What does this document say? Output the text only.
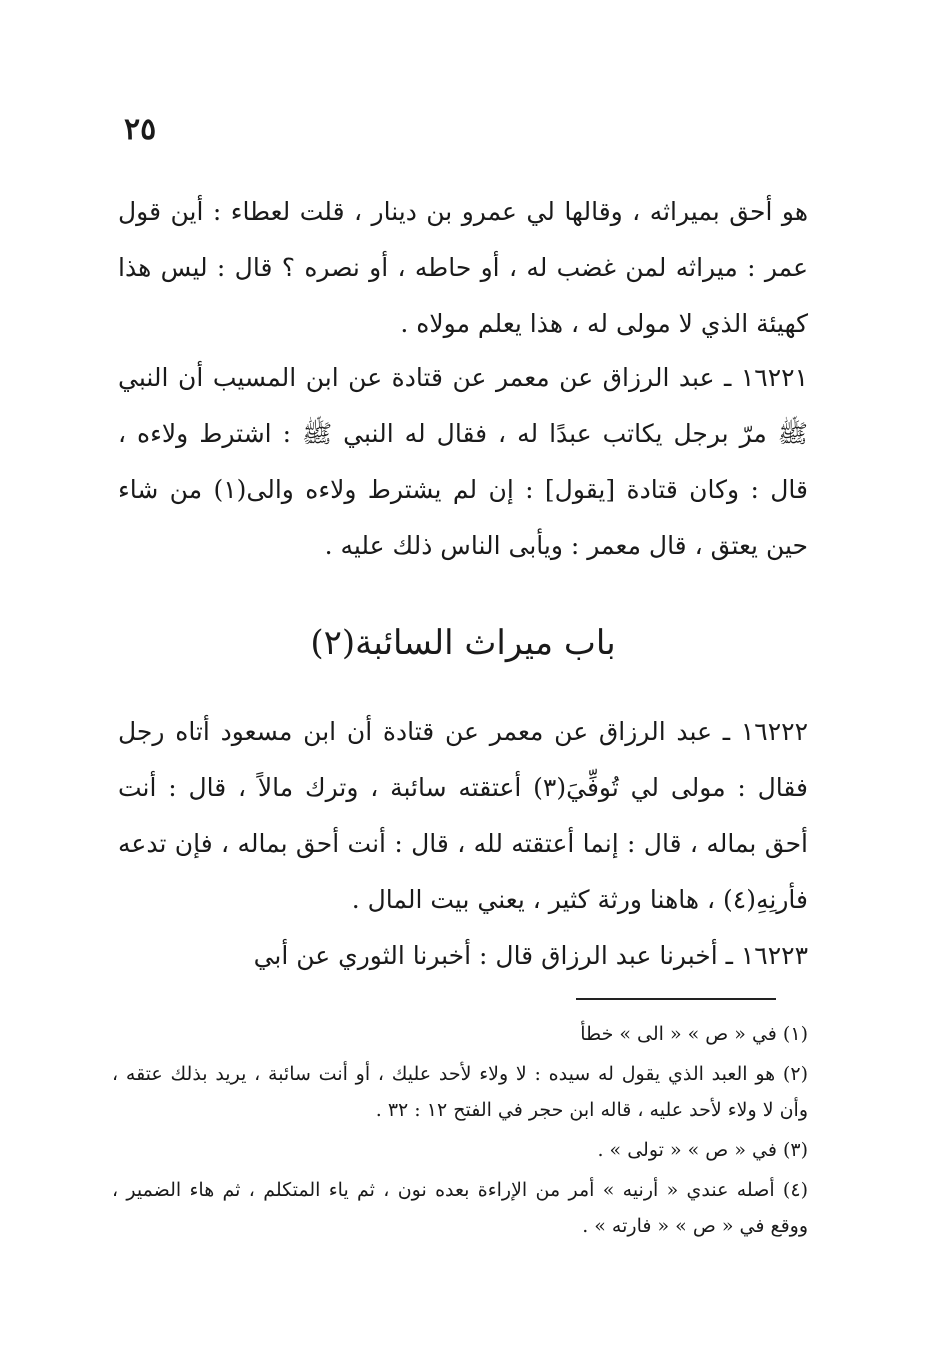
٢٥

هو أحق بميراثه ، وقالها لي عمرو بن دينار ، قلت لعطاء : أين قول عمر : ميراثه لمن غضب له ، أو حاطه ، أو نصره ؟ قال : ليس هذا كهيئة الذي لا مولى له ، هذا يعلم مولاه .

١٦٢٢١ ـ عبد الرزاق عن معمر عن قتادة عن ابن المسيب أن النبي ﷺ مرّ برجل يكاتب عبدًا له ، فقال له النبي ﷺ : اشترط ولاءه ، قال : وكان قتادة [يقول] : إن لم يشترط ولاءه والى(١) من شاء حين يعتق ، قال معمر : ويأبى الناس ذلك عليه .

باب ميراث السائبة(٢)

١٦٢٢٢ ـ عبد الرزاق عن معمر عن قتادة أن ابن مسعود أتاه رجل فقال : مولى لي تُوفِّيَ(٣) أعتقته سائبة ، وترك مالاً ، قال : أنت أحق بماله ، قال : إنما أعتقته لله ، قال : أنت أحق بماله ، فإن تدعه فأرنِهِ(٤) ، هاهنا ورثة كثير ، يعني بيت المال .

١٦٢٢٣ ـ أخبرنا عبد الرزاق قال : أخبرنا الثوري عن أبي

(١) في « ص » « الى » خطأ

(٢) هو العبد الذي يقول له سيده : لا ولاء لأحد عليك ، أو أنت سائبة ، يريد بذلك عتقه ، وأن لا ولاء لأحد عليه ، قاله ابن حجر في الفتح ١٢ : ٣٢ .

(٣) في « ص » « تولى » .

(٤) أصله عندي « أرنيه » أمر من الإراءة بعده نون ، ثم ياء المتكلم ، ثم هاء الضمير ، ووقع في « ص » « فارته » .
